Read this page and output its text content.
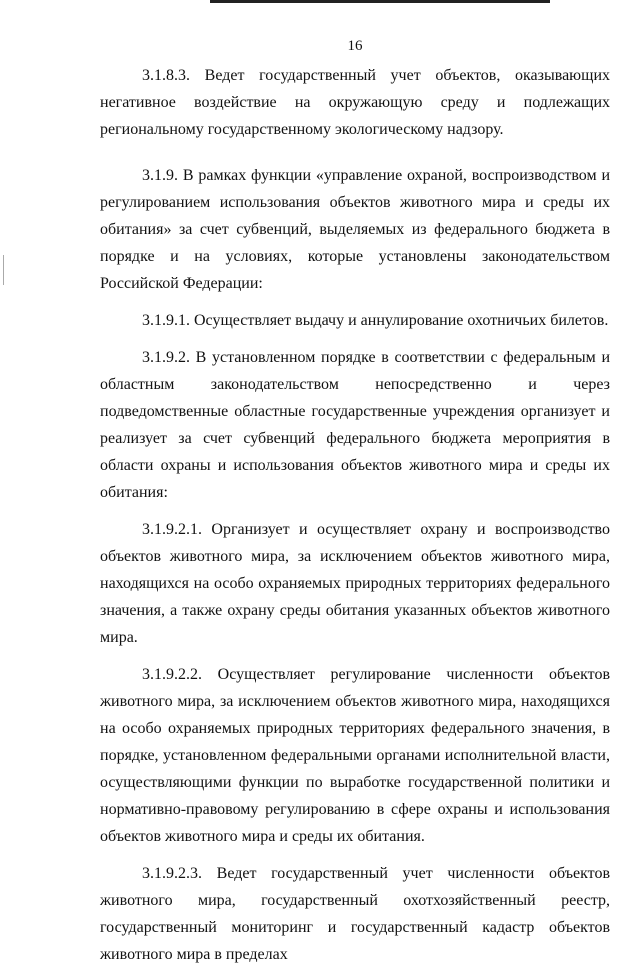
16

3.1.8.3. Ведет государственный учет объектов, оказывающих негативное воздействие на окружающую среду и подлежащих региональному государственному экологическому надзору.

3.1.9. В рамках функции «управление охраной, воспроизводством и регулированием использования объектов животного мира и среды их обитания» за счет субвенций, выделяемых из федерального бюджета в порядке и на условиях, которые установлены законодательством Российской Федерации:

3.1.9.1. Осуществляет выдачу и аннулирование охотничьих билетов.

3.1.9.2. В установленном порядке в соответствии с федеральным и областным законодательством непосредственно и через подведомственные областные государственные учреждения организует и реализует за счет субвенций федерального бюджета мероприятия в области охраны и использования объектов животного мира и среды их обитания:

3.1.9.2.1. Организует и осуществляет охрану и воспроизводство объектов животного мира, за исключением объектов животного мира, находящихся на особо охраняемых природных территориях федерального значения, а также охрану среды обитания указанных объектов животного мира.

3.1.9.2.2. Осуществляет регулирование численности объектов животного мира, за исключением объектов животного мира, находящихся на особо охраняемых природных территориях федерального значения, в порядке, установленном федеральными органами исполнительной власти, осуществляющими функции по выработке государственной политики и нормативно-правовому регулированию в сфере охраны и использования объектов животного мира и среды их обитания.

3.1.9.2.3. Ведет государственный учет численности объектов животного мира, государственный охотхозяйственный реестр, государственный мониторинг и государственный кадастр объектов животного мира в пределах
